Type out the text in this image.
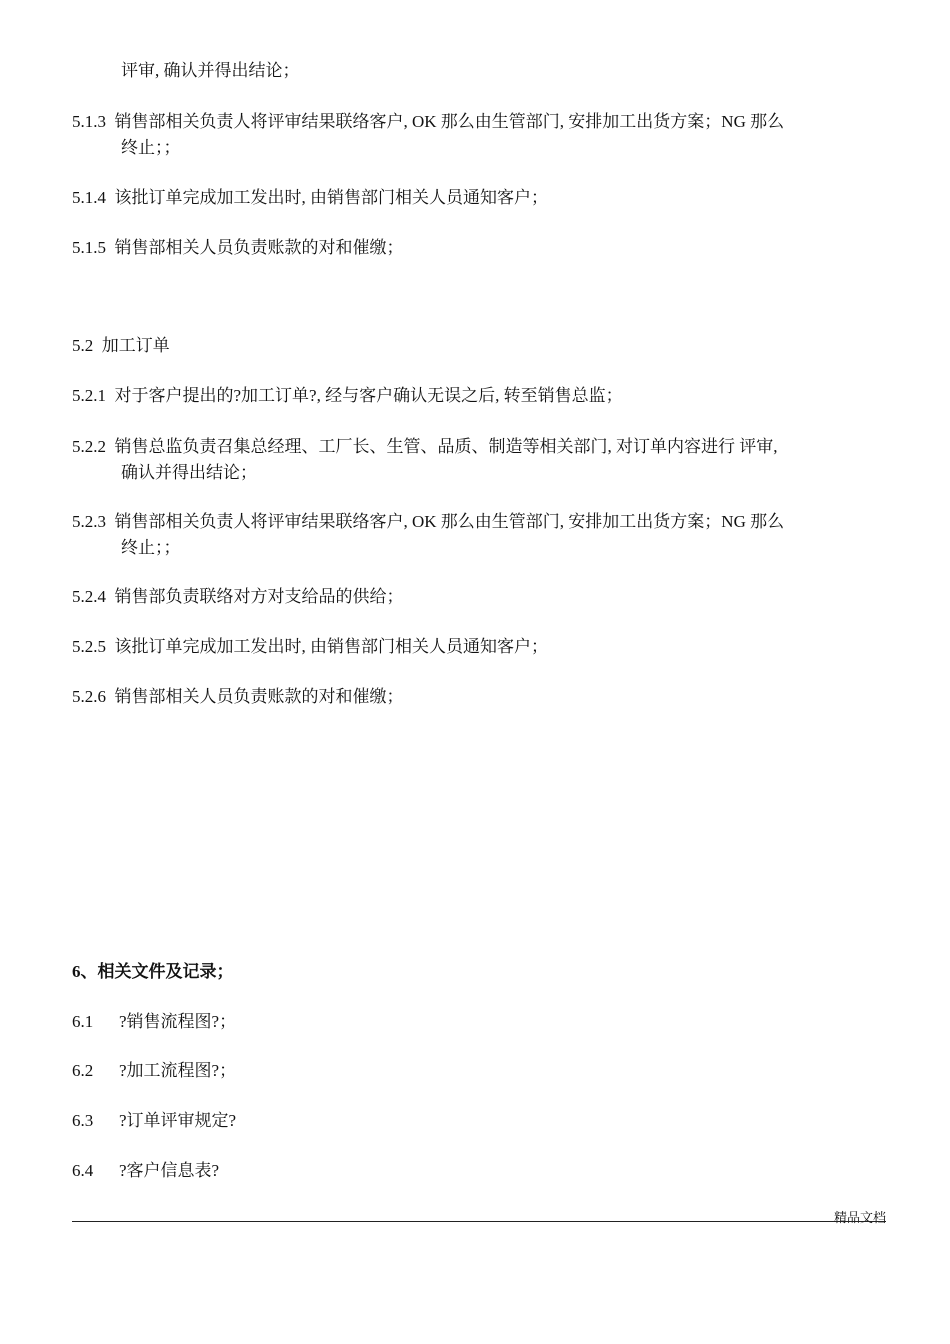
评审, 确认并得出结论；
5.1.3 销售部相关负责人将评审结果联络客户, OK 那么由生管部门, 安排加工出货方案；NG 那么
终止；；
5.1.4 该批订单完成加工发出时, 由销售部门相关人员通知客户；
5.1.5 销售部相关人员负责账款的对和催缴；
5.2 加工订单
5.2.1 对于客户提出的?加工订单?, 经与客户确认无误之后, 转至销售总监；
5.2.2 销售总监负责召集总经理、工厂长、生管、品质、制造等相关部门, 对订单内容进行 评审,
确认并得出结论；
5.2.3 销售部相关负责人将评审结果联络客户, OK 那么由生管部门, 安排加工出货方案；NG 那么
终止；；
5.2.4 销售部负责联络对方对支给品的供给；
5.2.5 该批订单完成加工发出时, 由销售部门相关人员通知客户；
5.2.6 销售部相关人员负责账款的对和催缴；
6、相关文件及记录；
6.1 ?销售流程图?；
6.2 ?加工流程图?；
6.3 ?订单评审规定?
6.4 ?客户信息表?
精品文档
